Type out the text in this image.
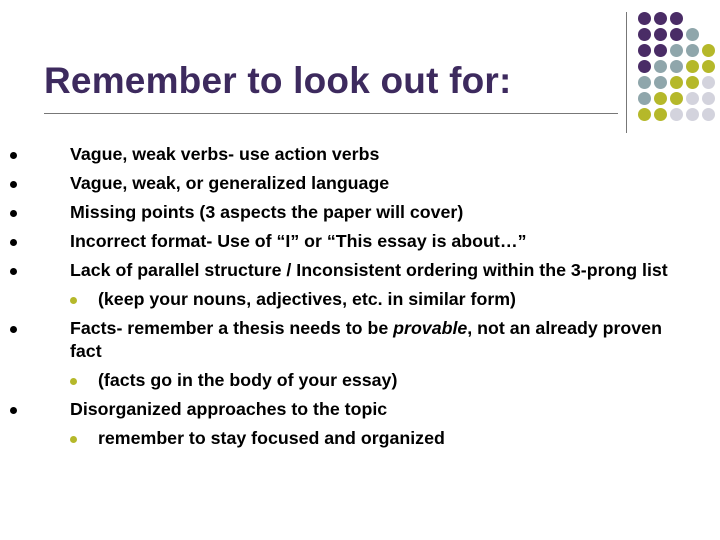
Remember to look out for:
Vague, weak verbs- use action verbs
Vague, weak, or generalized language
Missing points (3 aspects the paper will cover)
Incorrect format- Use of “I” or “This essay is about…”
Lack of parallel structure / Inconsistent ordering within the 3-prong list
(keep your nouns, adjectives, etc. in similar form)
Facts- remember a thesis needs to be provable, not an already proven fact
(facts go in the body of your essay)
Disorganized approaches to the topic
remember to stay focused and organized
